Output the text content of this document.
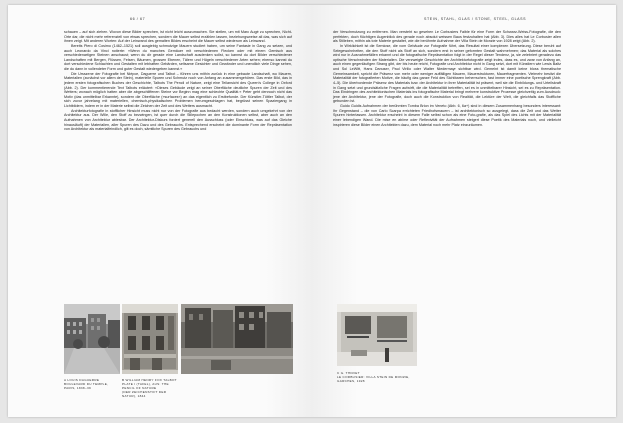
66 / 67

schauen – auf sich ziehen. Wovon diese Bilder sprechen, ist nicht leicht auszumachen. Sie stellen, um mit Marc Augé zu sprechen, Nicht-Orte dar, die nicht mehr referenziell von etwas sprechen, sondern die Mauer selbst erzählen lassen, beziehungsweise all das, was sich auf ihnen zeigt. Mit anderen Worten: Auf der Leinwand des gemalten Bildes erscheint die Mauer selbst wiederum als Leinwand.

Bereits Piero di Cosimo (1462–1521) soll ausgiebig schmutzige Mauern studiert haben, um seine Fantasie in Gang zu setzen, und auch Leonardo da Vinci notierte: »Wenn du manches Gemäuer mit verschiedenen Flecken oder mit einem Gemisch aus verschiedenartigen Steinen anschaust; wenn du dir gerade eine Landschaft ausdenken sollst, so kannst du dort Bilder verschiedener Landschaften mit Bergen, Flüssen, Felsen, Bäumen, grossen Ebenen, Tälern und Hügeln verschiedener Arten sehen; ebenso kannst du dort verschiedene Schlachten und Gestalten mit lebhaften Gebärden, seltsame Gesichter und Gewänder und unendlich viele Dinge sehen, die du dann in vollendeter Form und guter Gestalt wiedergeben kannst.«

Die Ursszene der Fotografie bei Niépce, Daguerre und Talbot – führen uns mithin zurück in eine gebaute Landschaft, wo Mauern, Materialien (zunächst vor allem der Stein), materielle Spuren und Schmutz noch von Anfang an zusammengehören. Das erste Bild, das in jedem ersten fotografischen Buches der Geschichte, Talbots The Pencil of Nature, zeigt eine Teilansicht des Queen's College in Oxford (Abb. 2). Der kommentierende Text Talbots erläutert: »Dieses Gebäude zeigt an seiner Oberfläche deutliche Spuren der Zeit und des Wetters; wonach möglich hatten aber die abgeschliffenen Steine vor Beginn mag eine schlechte Qualität.« Peter geht dennoch nicht das Motiv (das unmittelbar Erkannte), sondern die Oberfläche (»surfaces«) an das eigentlich zu Erstbefunde. Der Künstler-Töttler Talbot, der sich zuvor jahrelang mit materiellen, chemisch-physikalischen Problemen herumgeschlagen hat, begrüsst seinen Spaziergang in Lichtbildern, indem er in der Materie selbst die Zeichen der Zeit und des Wetters ausmacht.

Architekturfotografie in stofflicher Hinsicht muss nicht nur von der Fotografie aus bedacht werden, sondern auch umgekehrt von der Architektur aus. Der Wille, den Stoff zu bezwingen, ist quer durch die Stilepochen an den Konstruktionen selbst, aber auch an den Aufnahmen von Architektur ablesbar. Der Architektur-Diskurs fordert generell den Ausschluss (oder Einschluss, was auf das Gleiche hinausläuft) der Materialien, aller Spuren des Dazu und des Gebrauchs. Entsprechend erscheint die dominante Form der Repräsentation von Architektur als materialfeindlich, gilt es doch, sämtliche Spuren des Gebrauchs und

A LOUIS DAGUERRE
BOULEVARD DU TEMPLE, PARIS, 1838–39
B WILLIAM HENRY FOX TALBOT
PLATE I (TAFEL), AUS: THE PENCIL OF NATURE
(DER ZEICHENSTIFT DER NATUR), 1844
STEIN, STAHL, GLAS / STONE, STEEL, GLASS

der Verschmutzung zu entfernen. Man versteht so gesehen Le Corbusiers Faible für eine Form der Schwarz-Weiss-Fotografie, die den perfekten, doch flüchtigen Augenblick des gerade noch absolut weissen Baus festzuhalten hat (Abb. 3). Dies alles hat Le Corbusier allen als Stilleben, mithin als tote Materie gestaltet, wie die berühmte Aufnahme der Villa Stein de Monzie von 1928 zeigt (Abb. 2).

In Wirklichkeit ist die Semiose, die vom Gebäude zur Fotografie führt, das Resultat einer komplexen Übersetzung. Diese beruht auf Selegewohnheiten, die den Stoff nicht als Stoff an sich, sondern erst in seiner geformten Gestalt wahrnehmen; das Material als solches wird nur in Ausnahmefällen erkannt und die fotografische Repräsentation folgt in der Regel dieser Tendenz, ja, sie zelebriert geradezu das optische Verschwinden der Materialien. Die verzweigte Geschichte der Architekturfotografie zeigt indes, dass es, und zwar von Anfang an, auch einen gegenläufigen Strang gibt, der bis heute reicht, Fotografie und Architektur nicht in Gang setzt, dort mit Künstlern wie Lewis Baltz und Sol LeWitt, Hans Danuser, Paul Virilio oder Walter Niedermayr sichtbar wird. Gemeint ist damit keine bloss thematische Gemeinsamkeit, spricht die Präsenz von mehr oder weniger auffälligen Mauern, Mauerstrukturen, Mauerfragmenten. Vielmehr besitzt die Materialität der fotografierten Motive, die häufig das ganze Feld des Sichtbaren beherrschen, fast immer eine poetische Sprengkraft (Abb. 4–5). Die überbordende Präsenz des Materials bzw. der Architektur in ihrer Materialität ist präsent, weil sie die Einbildungs- und Urteilskraft in Gang setzt und grundsätzliche Fragen aufwirft, die die Materialität betreffen, sei es in unmittelbarer Hinsicht, sei es zu Repräsentation. Das Eindringen des architektonischen Materials ins fotografische Material bringt mehrere konstruktive Prozesse gleichzeitig zum Ausdruck: jene der Architektur, jene der Fotografie, doch auch die Konstruktion von Realität, die Lektüre der Welt, die gleichfalls das Stoffliche gebunden ist.

Guido Guidis Aufnahmen der berühmten Tomba Brion im Veneto (Abb. 6, 6a+) sind in diesem Zusammenhang besonders interessant: Ihr Gegenstand – die von Carlo Scarpa errichteten Friedhofsmauern – ist architektonisch so ausgelegt, dass die Zeit und das Wetter Spuren hinterlassen. Architektur erscheint in diesem Falle selbst schon als eine Foto-grafie, als das Spiel des Lichts mit der Materialität einer lebendigen Wand. Die mise en abîme oder Reflexivität der Aufnahmen steigert diese Poetik des Materials noch, und vielleicht inspirieren diese Bilder einen Architekten dazu, dem Material noch mehr Platz einzuräumen.

C G. THIRIET
LE CORBUSIER: VILLA STEIN DE MONZIE,
GARCHES, 1928
